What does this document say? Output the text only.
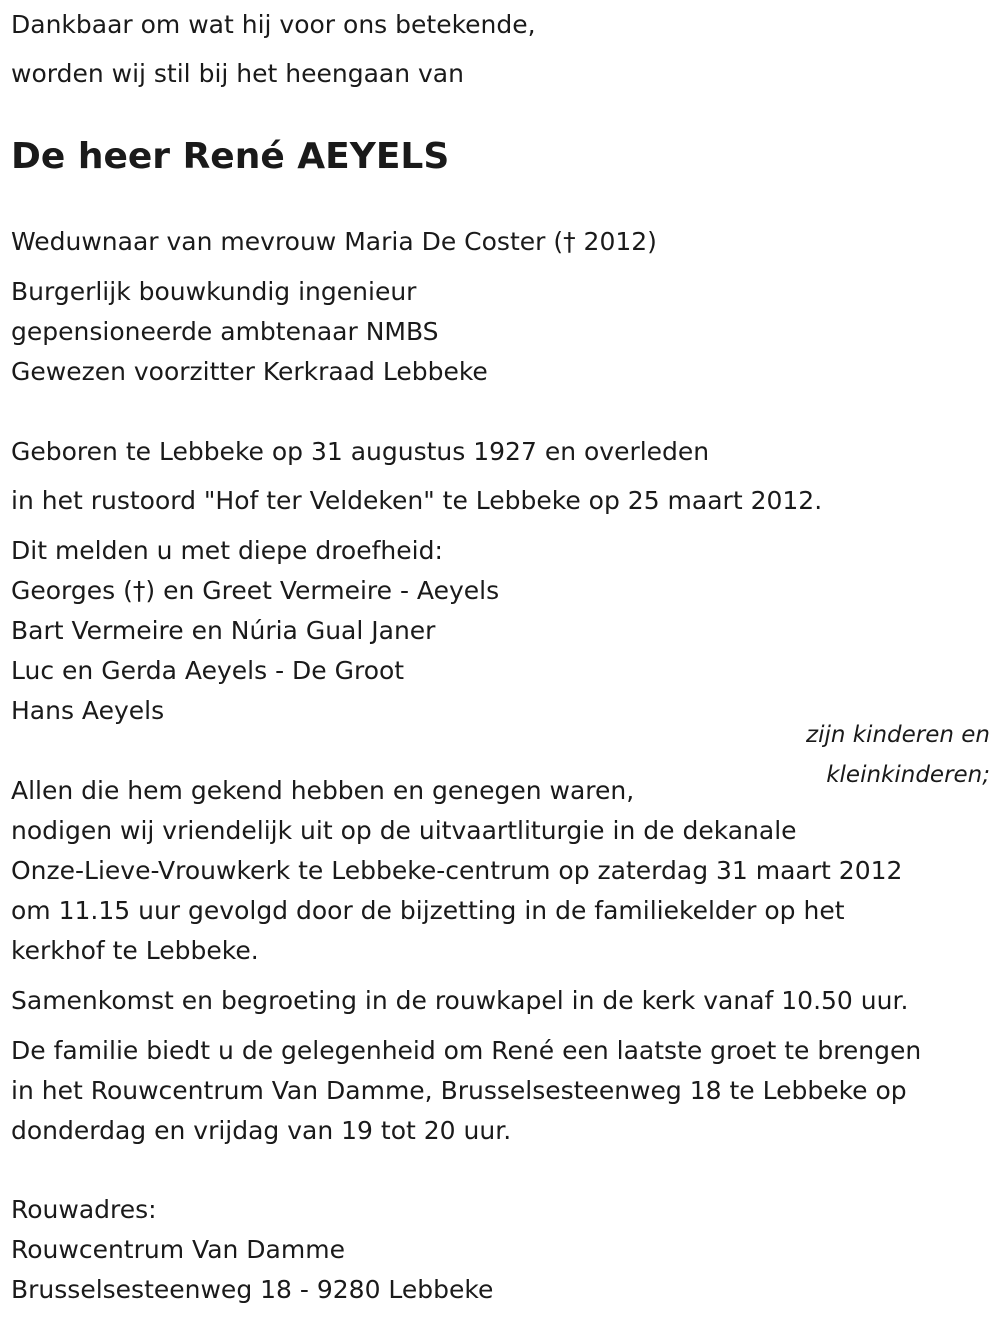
Dankbaar om wat hij voor ons betekende,
worden wij stil bij het heengaan van
De heer René AEYELS
Weduwnaar van mevrouw Maria De Coster († 2012)
Burgerlijk bouwkundig ingenieur
gepensioneerde ambtenaar NMBS
Gewezen voorzitter Kerkraad Lebbeke
Geboren te Lebbeke op 31 augustus 1927 en overleden
in het rustoord "Hof ter Veldeken" te Lebbeke op 25 maart 2012.
Dit melden u met diepe droefheid:
Georges (†) en Greet Vermeire - Aeyels
Bart Vermeire en Núria Gual Janer
Luc en Gerda Aeyels - De Groot
Hans Aeyels
zijn kinderen en
kleinkinderen;
Allen die hem gekend hebben en genegen waren,
nodigen wij vriendelijk uit op de uitvaartliturgie in de dekanale
Onze-Lieve-Vrouwkerk te Lebbeke-centrum op zaterdag 31 maart 2012
om 11.15 uur gevolgd door de bijzetting in de familiekelder op het
kerkhof te Lebbeke.
Samenkomst en begroeting in de rouwkapel in de kerk vanaf 10.50 uur.
De familie biedt u de gelegenheid om René een laatste groet te brengen
in het Rouwcentrum Van Damme, Brusselsesteenweg 18 te Lebbeke op
donderdag en vrijdag van 19 tot 20 uur.
Rouwadres:
Rouwcentrum Van Damme
Brusselsesteenweg 18 - 9280 Lebbeke
